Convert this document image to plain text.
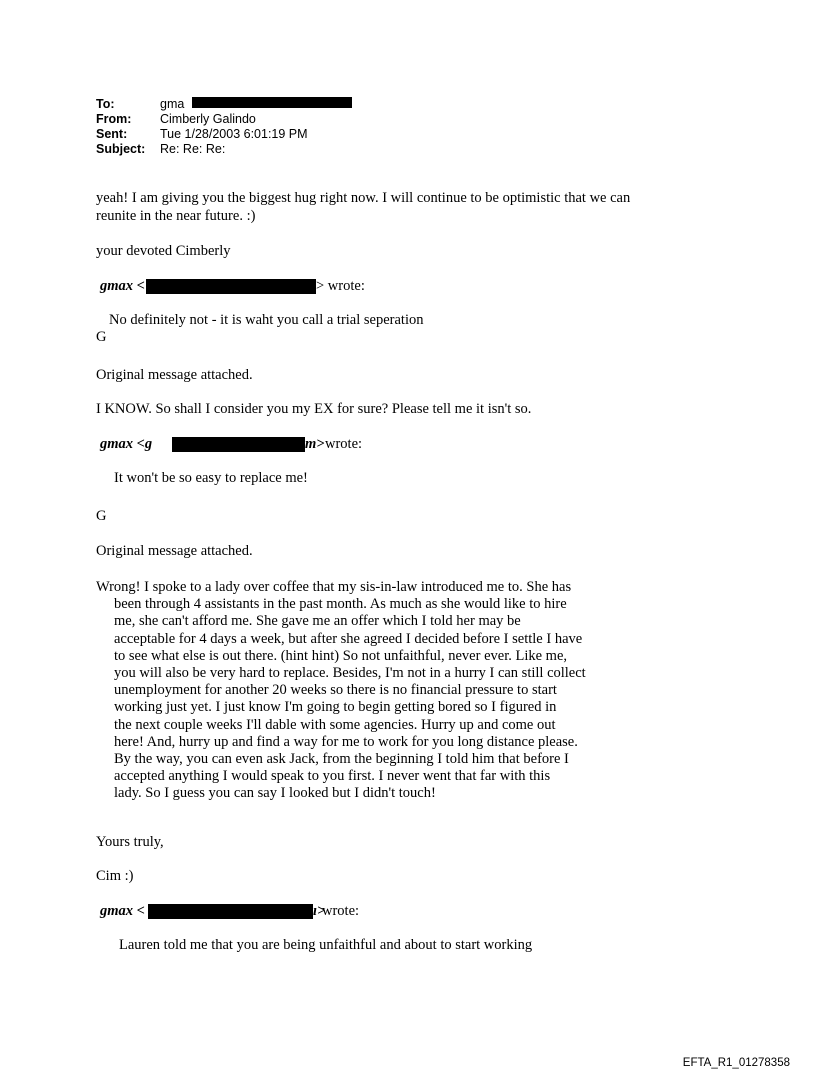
To:	gma
From: Cimberly Galindo
Sent:	Tue 1/28/2003 6:01:19 PM
Subject: Re: Re: Re:
yeah! I am giving you the biggest hug right now. I will continue to be optimistic that we can
reunite in the near future. :)
your devoted Cimberly
gmax <	> wrote:
No definitely not - it is waht you call a trial seperation
G
Original message attached.
I KNOW. So shall I consider you my EX for sure? Please tell me it isn't so.
gmax <g	m> wrote:
It won't be so easy to replace me!
G
Original message attached.
Wrong! I spoke to a lady over coffee that my sis-in-law introduced me to. She has
been through 4 assistants in the past month. As much as she would like to hire
me, she can't afford me. She gave me an offer which I told her may be
acceptable for 4 days a week, but after she agreed I decided before I settle I have
to see what else is out there. (hint hint) So not unfaithful, never ever. Like me,
you will also be very hard to replace. Besides, I'm not in a hurry I can still collect
unemployment for another 20 weeks so there is no financial pressure to start
working just yet. I just know I'm going to begin getting bored so I figured in
the next couple weeks I'll dable with some agencies. Hurry up and come out
here! And, hurry up and find a way for me to work for you long distance please.
By the way, you can even ask Jack, from the beginning I told him that before I
accepted anything I would speak to you first. I never went that far with this
lady. So I guess you can say I looked but I didn't touch!
Yours truly,
Cim :)
gmax <	ı>
wrote:
Lauren told me that you are being unfaithful and about to start working
EFTA_R1_01278358
